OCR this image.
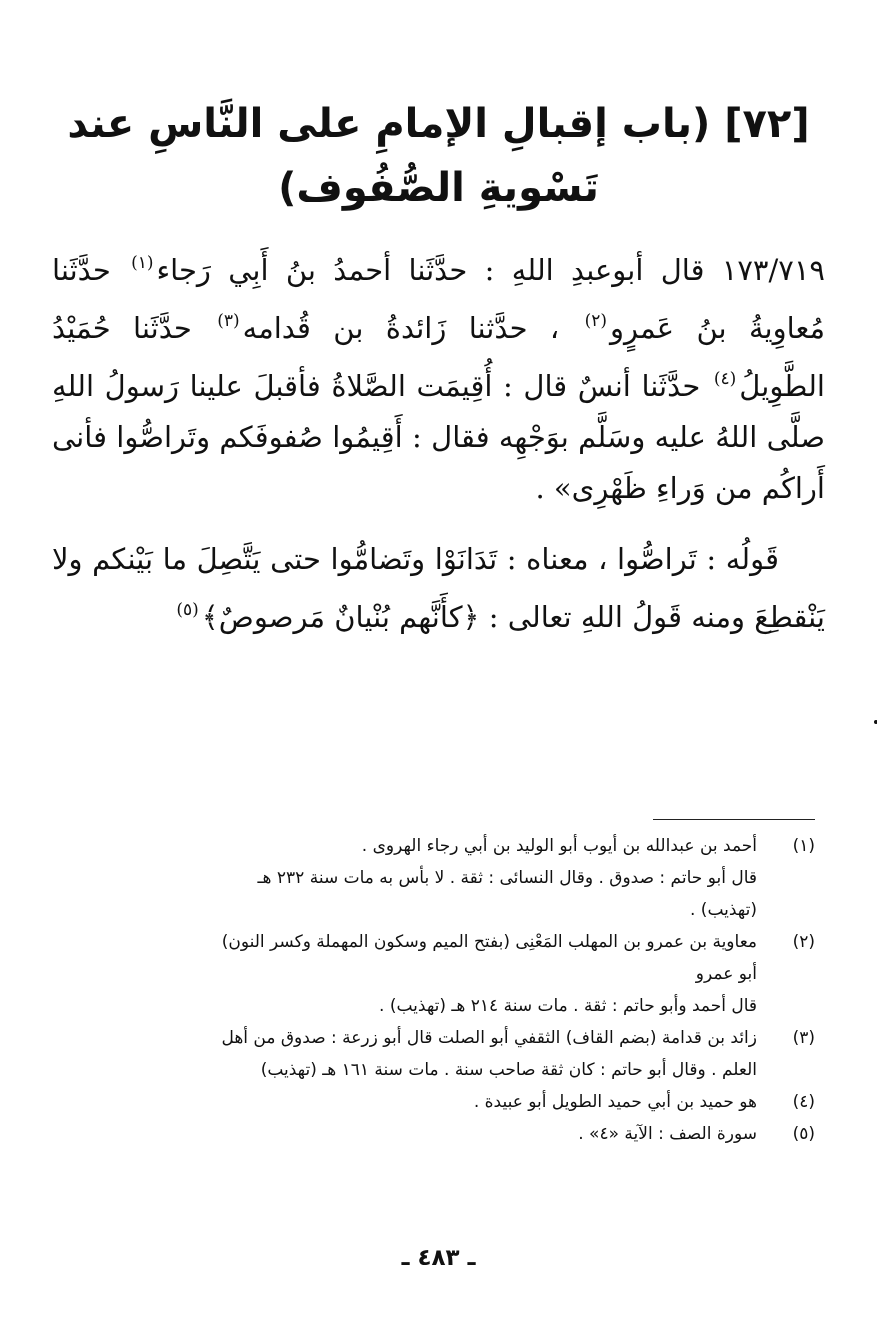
[٧٢] (باب إقبالِ الإمامِ على النَّاسِ عند تَسْويةِ الصُّفُوف)

١٧٣/٧١٩ قال أبوعبدِ اللهِ : حدَّثَنا أحمدُ بنُ أَبِي رَجاء$^{(١)}$ حدَّثَنا مُعاوِيةُ بنُ عَمرٍو$^{(٢)}$ ، حدَّثنا زَائدةُ بن قُدامه$^{(٣)}$ حدَّثَنا حُمَيْدُ الطَّوِيلُ$^{(٤)}$ حدَّثَنا أنسٌ قال : أُقِيمَت الصَّلاةُ فأقبلَ علينا رَسولُ اللهِ صلَّى اللهُ عليه وسَلَّم بوَجْهِه فقال : أَقِيمُوا صُفوفَكم وتَراصُّوا فأنى أَراكُم من وَراءِ ظَهْرِى» .

قَولُه : تَراصُّوا ، معناه : تَدَانَوْا وتَضامُّوا حتى يَتَّصِلَ ما بَيْنكم ولا يَنْقطِعَ ومنه قَولُ اللهِ تعالى : ﴿كأَنَّهم بُنْيانٌ مَرصوصٌ﴾$^{(٥)}$

(١)
أحمد بن عبدالله بن أيوب أبو الوليد بن أبي رجاء الهروى .
قال أبو حاتم : صدوق . وقال النسائى : ثقة . لا بأس به مات سنة ٢٣٢ هـ
(تهذيب) .
(٢)
معاوية بن عمرو بن المهلب المَعْنِى (بفتح الميم وسكون المهملة وكسر النون)
أبو عمرو
قال أحمد وأبو حاتم : ثقة . مات سنة ٢١٤ هـ (تهذيب) .
(٣)
زائد بن قدامة (بضم القاف) الثقفي أبو الصلت قال أبو زرعة : صدوق من أهل
العلم . وقال أبو حاتم : كان ثقة صاحب سنة . مات سنة ١٦١ هـ (تهذيب)
(٤)
هو حميد بن أبي حميد الطويل أبو عبيدة .
(٥)
سورة الصف : الآية «٤» .
ـ ٤٨٣ ـ
